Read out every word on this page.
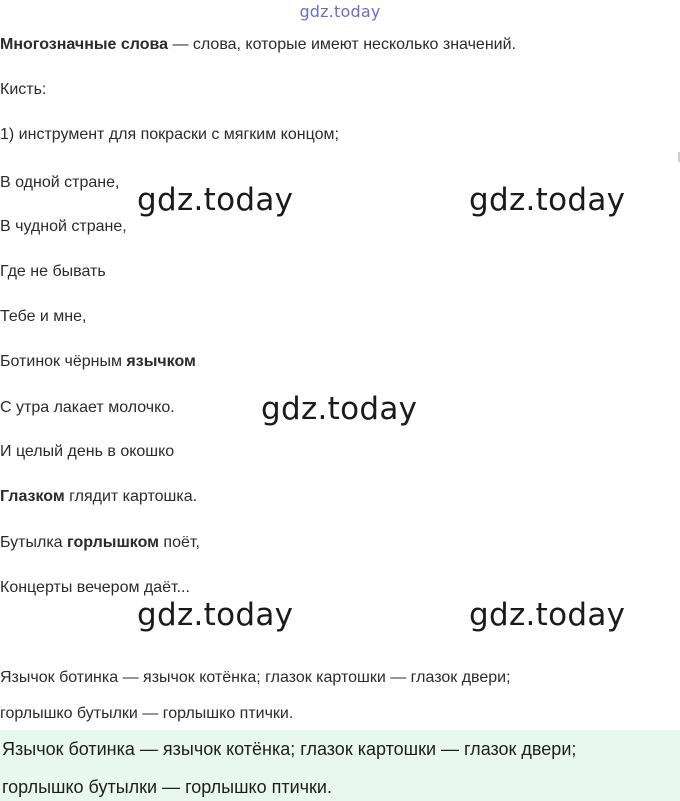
gdz.today
Многозначные слова — слова, которые имеют несколько значений.
Кисть:
1) инструмент для покраски с мягким концом;
В одной стране,
В чудной стране,
Где не бывать
Тебе и мне,
Ботинок чёрным язычком
С утра лакает молочко.
И целый день в окошко
Глазком глядит картошка.
Бутылка горлышком поёт,
Концерты вечером даёт...
Язычок ботинка — язычок котёнка; глазок картошки — глазок двери;
горлышко бутылки — горлышко птички.
Язычок ботинка — язычок котёнка; глазок картошки — глазок двери;
горлышко бутылки — горлышко птички.
gdz.today	gdz.today
gdz.today
gdz.today	gdz.today
